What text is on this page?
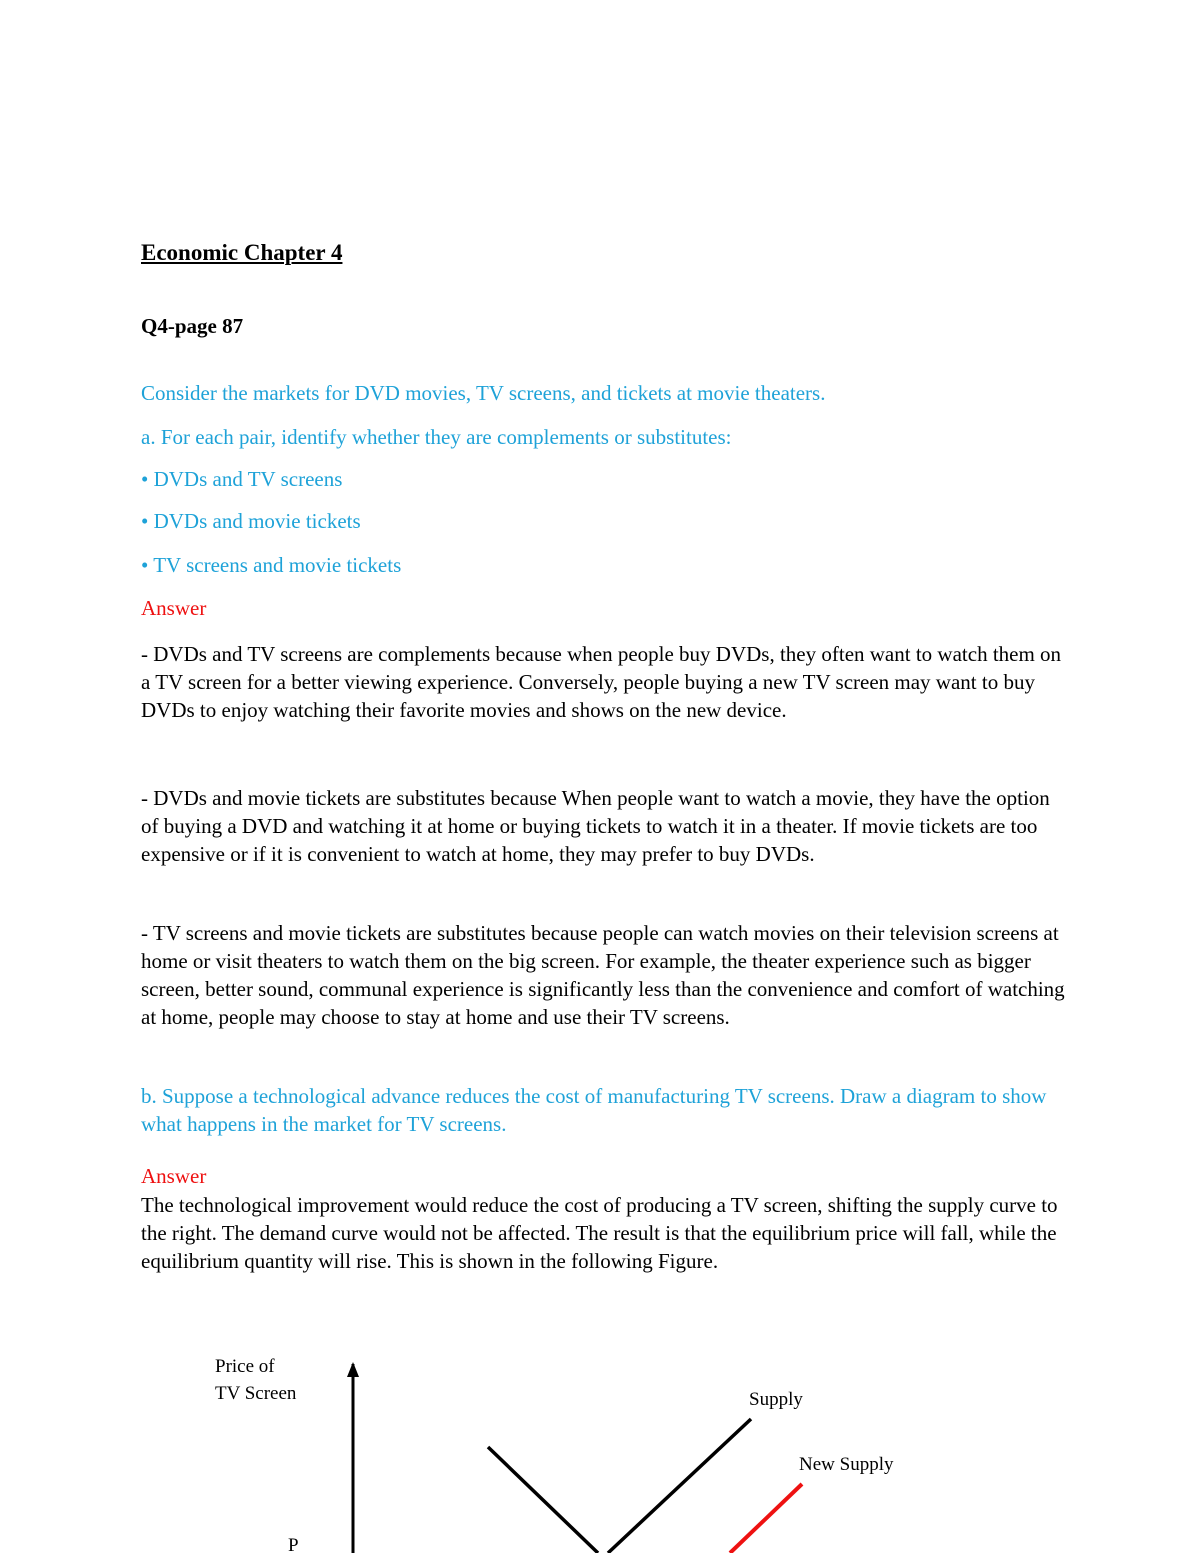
Economic Chapter 4

Q4-page 87

Consider the markets for DVD movies, TV screens, and tickets at movie theaters.

a. For each pair, identify whether they are complements or substitutes:

• DVDs and TV screens

• DVDs and movie tickets

• TV screens and movie tickets

Answer

- DVDs and TV screens are complements because when people buy DVDs, they often want to watch them on a TV screen for a better viewing experience. Conversely, people buying a new TV screen may want to buy DVDs to enjoy watching their favorite movies and shows on the new device.

- DVDs and movie tickets are substitutes because When people want to watch a movie, they have the option of buying a DVD and watching it at home or buying tickets to watch it in a theater. If movie tickets are too expensive or if it is convenient to watch at home, they may prefer to buy DVDs.

- TV screens and movie tickets are substitutes because people can watch movies on their television screens at home or visit theaters to watch them on the big screen. For example, the theater experience such as bigger screen, better sound, communal experience is significantly less than the convenience and comfort of watching at home, people may choose to stay at home and use their TV screens.

b. Suppose a technological advance reduces the cost of manufacturing TV screens. Draw a diagram to show what happens in the market for TV screens.

Answer

The technological improvement would reduce the cost of producing a TV screen, shifting the supply curve to the right. The demand curve would not be affected. The result is that the equilibrium price will fall, while the equilibrium quantity will rise. This is shown in the following Figure.

Price of
TV Screen	Supply
New Supply
P
